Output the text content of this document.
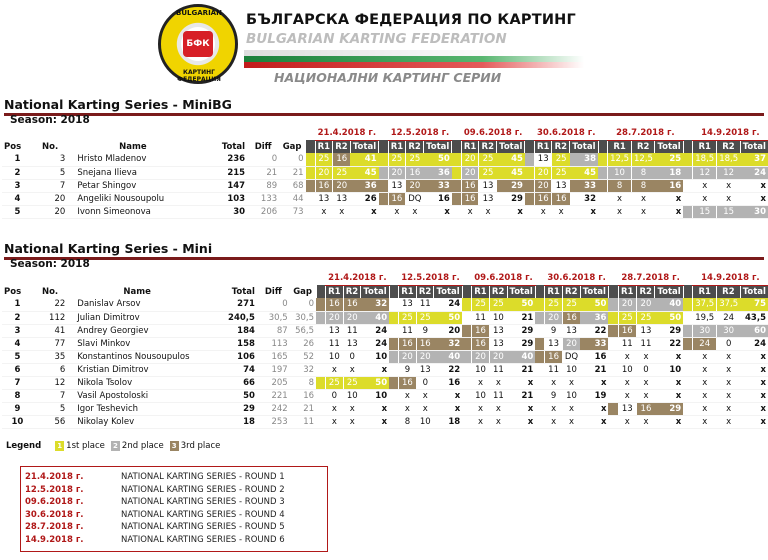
BULGARIAN
БФК
КАРТИНГ ФЕДЕРАЦИЯ
БЪЛГАРСКА ФЕДЕРАЦИЯ ПО КАРТИНГ
BULGARIAN KARTING FEDERATION
НАЦИОНАЛНИ КАРТИНГ СЕРИИ
National Karting Series - MiniBG
Season: 2018
							21.4.2018 г.				12.5.2018 г.				09.6.2018 г.				30.6.2018 г.				28.7.2018 г.				14.9.2018 г.		
Pos	No.	Name	Total	Diff	Gap		R1	R2	Total		R1	R2	Total		R1	R2	Total		R1	R2	Total		R1	R2	Total		R1	R2	Total
1	3	Hristo Mladenov	236	0	0		25	16	41		25	25	50		20	25	45		13	25	38		12,5	12,5	25		18,5	18,5	37
2	5	Snejana Ilieva	215	21	21		20	25	45		20	16	36		20	25	45		20	25	45		10	8	18		12	12	24
3	7	Petar Shingov	147	89	68		16	20	36		13	20	33		16	13	29		20	13	33		8	8	16		x	x	x
4	20	Angeliki Nousoupolu	103	133	44		13	13	26		16	DQ	16		16	13	29		16	16	32		x	x	x		x	x	x
5	20	Ivonn Simeonova	30	206	73		x	x	x		x	x	x		x	x	x		x	x	x		x	x	x		15	15	30
National Karting Series - Mini
Season: 2018
							21.4.2018 г.				12.5.2018 г.				09.6.2018 г.				30.6.2018 г.				28.7.2018 г.				14.9.2018 г.		
Pos	No.	Name	Total	Diff	Gap		R1	R2	Total		R1	R2	Total		R1	R2	Total		R1	R2	Total		R1	R2	Total		R1	R2	Total
1	22	Danislav Arsov	271	0	0		16	16	32		13	11	24		25	25	50		25	25	50		20	20	40		37,5	37,5	75
2	112	Julian Dimitrov	240,5	30,5	30,5		20	20	40		25	25	50		11	10	21		20	16	36		25	25	50		19,5	24	43,5
3	41	Andrey Georgiev	184	87	56,5		13	11	24		11	9	20		16	13	29		9	13	22		16	13	29		30	30	60
4	77	Slavi Minkov	158	113	26		11	13	24		16	16	32		16	13	29		13	20	33		11	11	22		24	0	24
5	35	Konstantinos Nousoupulos	106	165	52		10	0	10		20	20	40		20	20	40		16	DQ	16		x	x	x		x	x	x
6	6	Kristian Dimitrov	74	197	32		x	x	x		9	13	22		10	11	21		11	10	21		10	0	10		x	x	x
7	12	Nikola Tsolov	66	205	8		25	25	50		16	0	16		x	x	x		x	x	x		x	x	x		x	x	x
8	7	Vasil Apostoloski	50	221	16		0	10	10		x	x	x		10	11	21		9	10	19		x	x	x		x	x	x
9	5	Igor Teshevich	29	242	21		x	x	x		x	x	x		x	x	x		x	x	x		13	16	29		x	x	x
10	56	Nikolay Kolev	18	253	11		x	x	x		8	10	18		x	x	x		x	x	x		x	x	x		x	x	x
Legend 1 1st place 2 2nd place 3 3rd place
21.4.2018 г.	NATIONAL KARTING SERIES - ROUND 1
12.5.2018 г.	NATIONAL KARTING SERIES - ROUND 2
09.6.2018 г.	NATIONAL KARTING SERIES - ROUND 3
30.6.2018 г.	NATIONAL KARTING SERIES - ROUND 4
28.7.2018 г.	NATIONAL KARTING SERIES - ROUND 5
14.9.2018 г.	NATIONAL KARTING SERIES - ROUND 6
